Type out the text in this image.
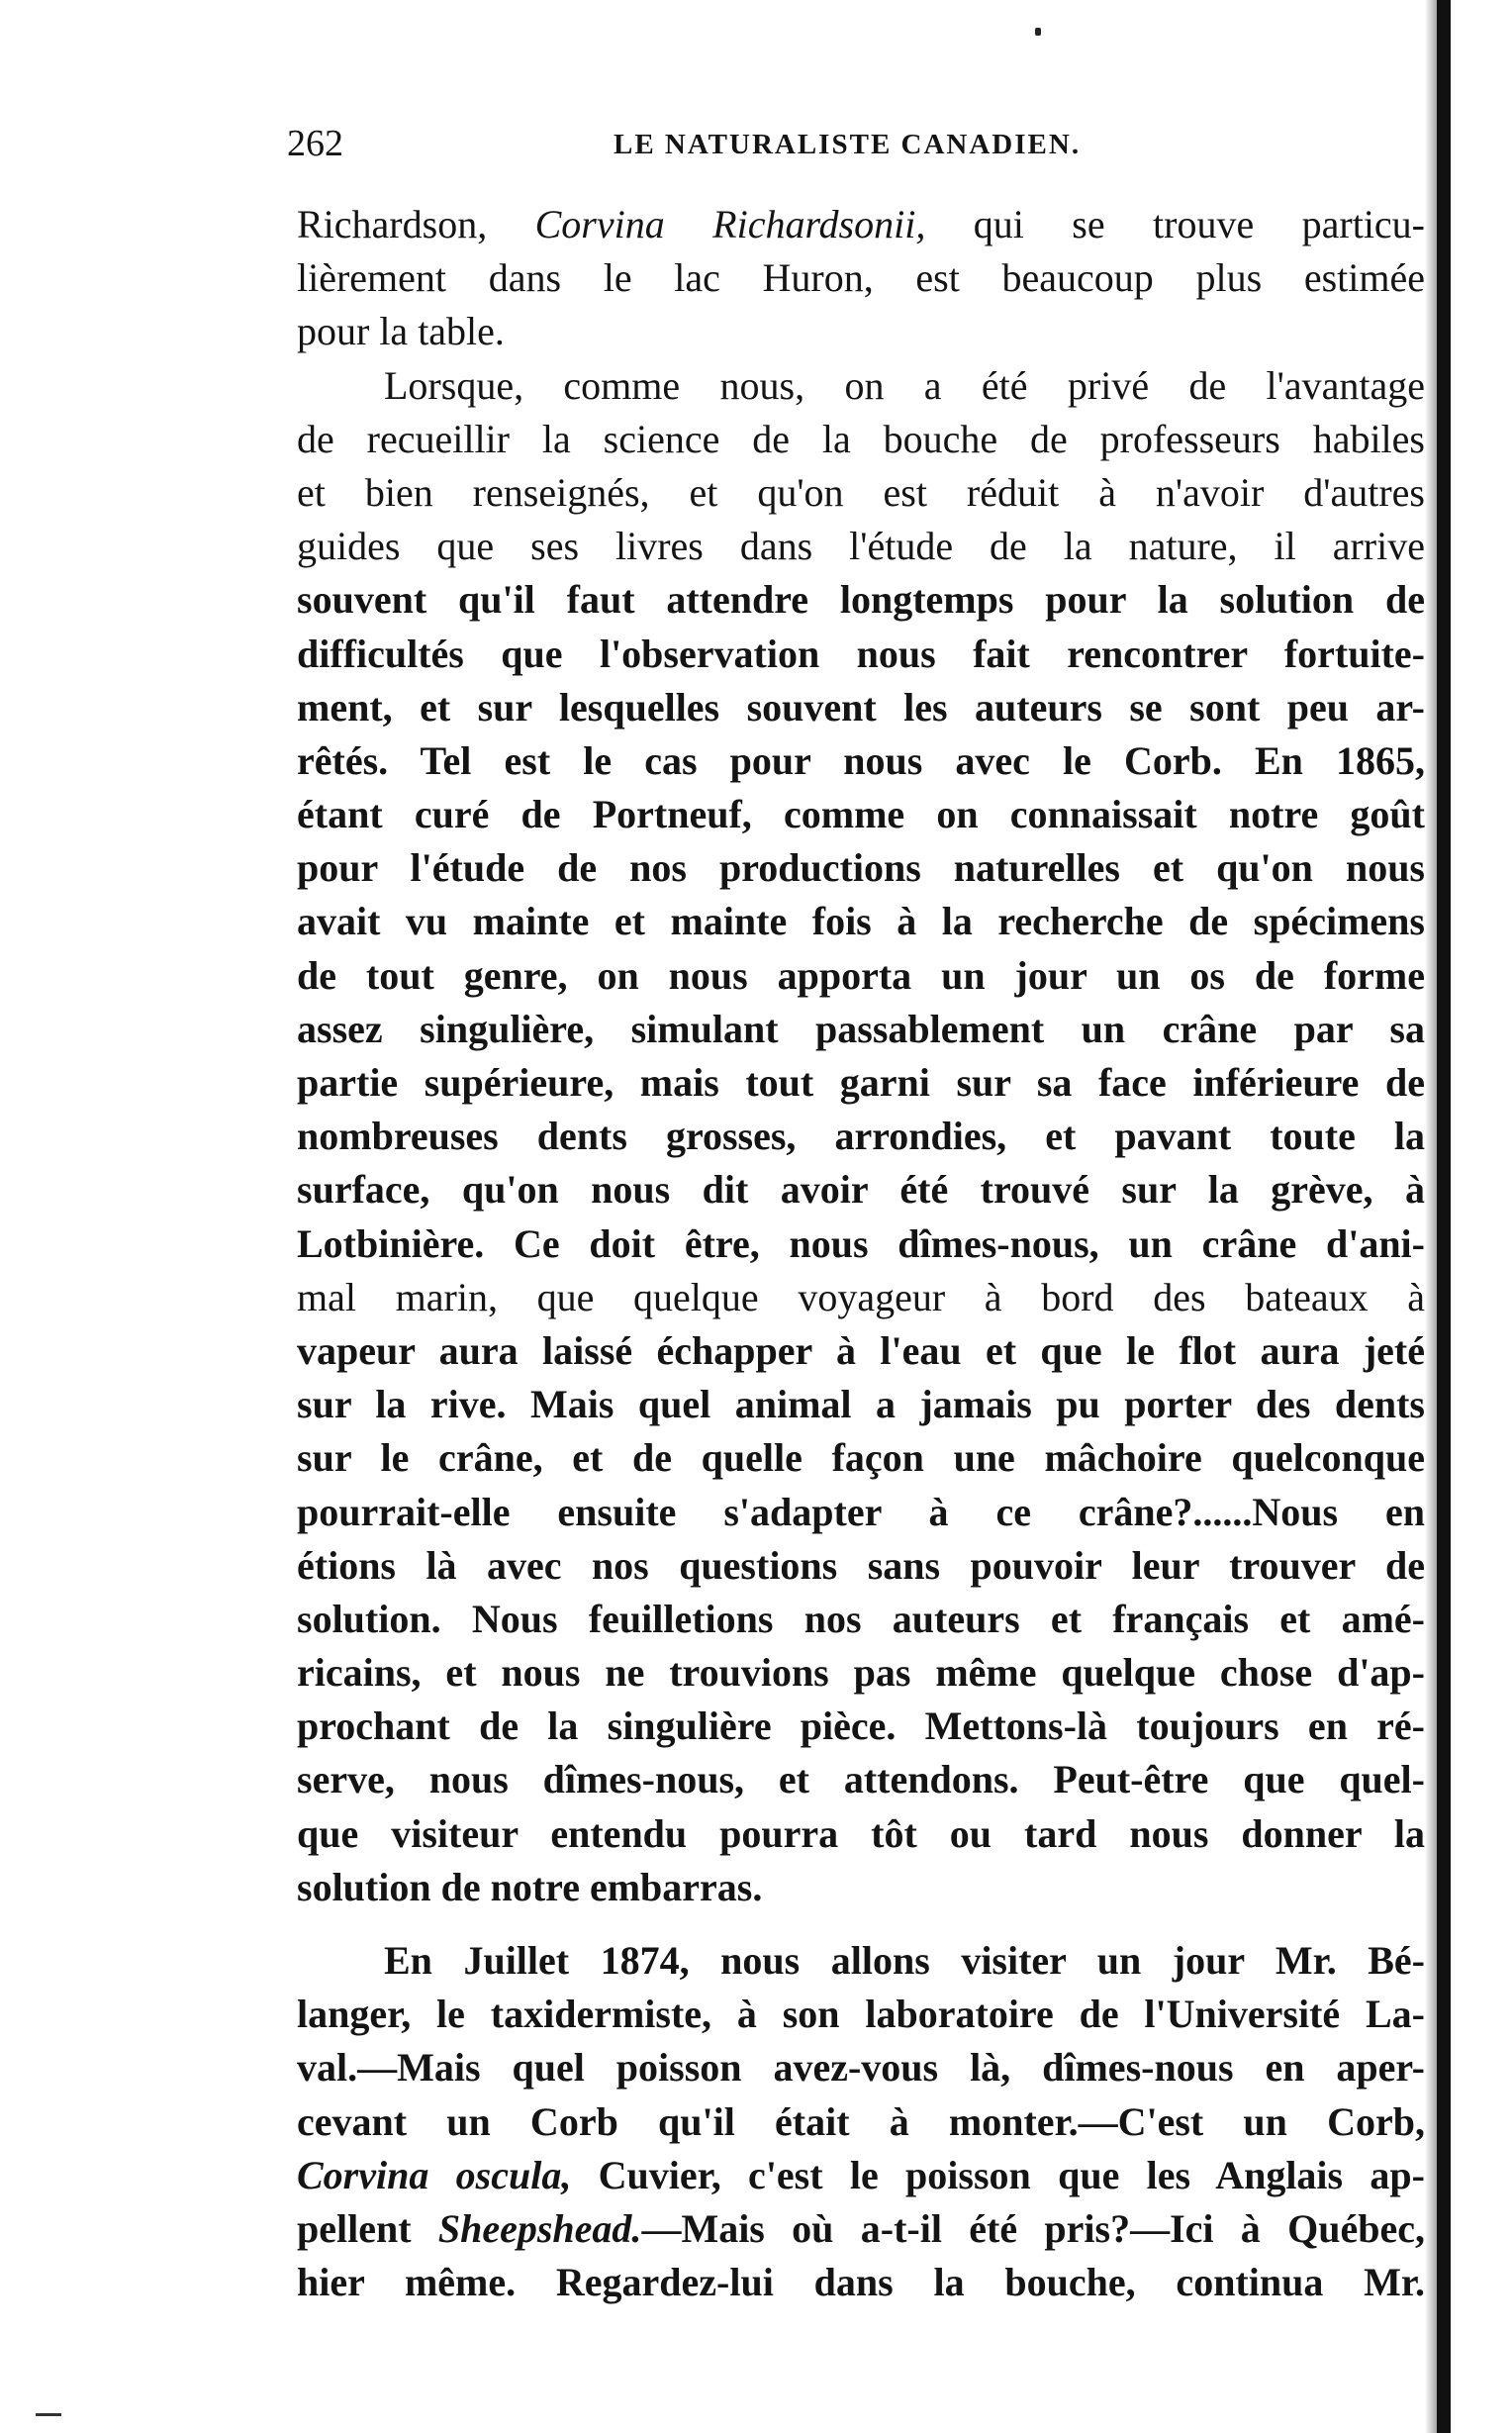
262	LE NATURALISTE CANADIEN.
Richardson, Corvina Richardsonii, qui se trouve particu-
lièrement dans le lac Huron, est beaucoup plus estimée
pour la table.
Lorsque, comme nous, on a été privé de l'avantage
de recueillir la science de la bouche de professeurs habiles
et bien renseignés, et qu'on est réduit à n'avoir d'autres
guides que ses livres dans l'étude de la nature, il arrive
souvent qu'il faut attendre longtemps pour la solution de
difficultés que l'observation nous fait rencontrer fortuite-
ment, et sur lesquelles souvent les auteurs se sont peu ar-
rêtés. Tel est le cas pour nous avec le Corb. En 1865,
étant curé de Portneuf, comme on connaissait notre goût
pour l'étude de nos productions naturelles et qu'on nous
avait vu mainte et mainte fois à la recherche de spécimens
de tout genre, on nous apporta un jour un os de forme
assez singulière, simulant passablement un crâne par sa
partie supérieure, mais tout garni sur sa face inférieure de
nombreuses dents grosses, arrondies, et pavant toute la
surface, qu'on nous dit avoir été trouvé sur la grève, à
Lotbinière. Ce doit être, nous dîmes-nous, un crâne d'ani-
mal marin, que quelque voyageur à bord des bateaux à
vapeur aura laissé échapper à l'eau et que le flot aura jeté
sur la rive. Mais quel animal a jamais pu porter des dents
sur le crâne, et de quelle façon une mâchoire quelconque
pourrait-elle ensuite s'adapter à ce crâne?......Nous en
étions là avec nos questions sans pouvoir leur trouver de
solution. Nous feuilletions nos auteurs et français et amé-
ricains, et nous ne trouvions pas même quelque chose d'ap-
prochant de la singulière pièce. Mettons-là toujours en ré-
serve, nous dîmes-nous, et attendons. Peut-être que quel-
que visiteur entendu pourra tôt ou tard nous donner la
solution de notre embarras.
En Juillet 1874, nous allons visiter un jour Mr. Bé-
langer, le taxidermiste, à son laboratoire de l'Université La-
val.—Mais quel poisson avez-vous là, dîmes-nous en aper-
cevant un Corb qu'il était à monter.—C'est un Corb,
Corvina oscula, Cuvier, c'est le poisson que les Anglais ap-
pellent Sheepshead.—Mais où a-t-il été pris?—Ici à Québec,
hier même. Regardez-lui dans la bouche, continua Mr.
